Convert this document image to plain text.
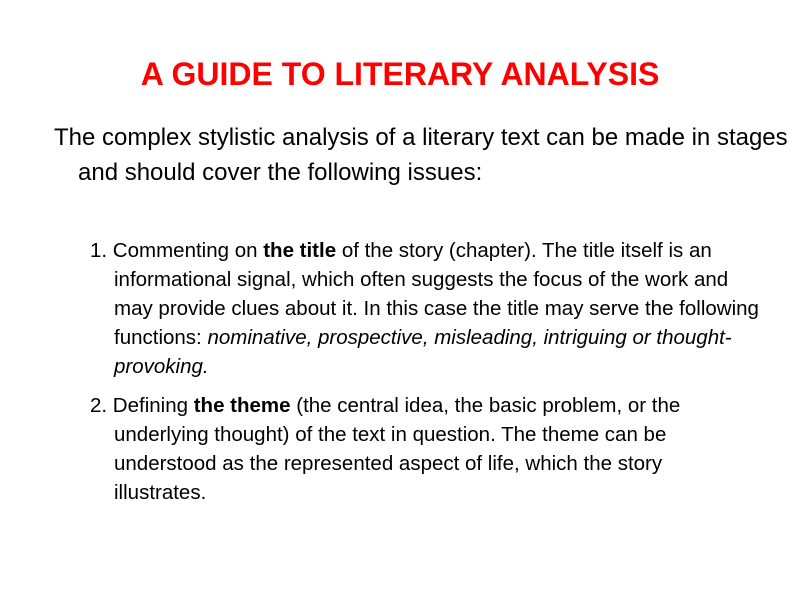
A GUIDE TO LITERARY ANALYSIS

The complex stylistic analysis of a literary text can be made in stages and should cover the following issues:

1. Commenting on the title of the story (chapter). The title itself is an informational signal, which often suggests the focus of the work and may provide clues about it. In this case the title may serve the following functions: nominative, prospective, misleading, intriguing or thought-provoking.
2. Defining the theme (the central idea, the basic problem, or the underlying thought) of the text in question. The theme can be understood as the represented aspect of life, which the story illustrates.
